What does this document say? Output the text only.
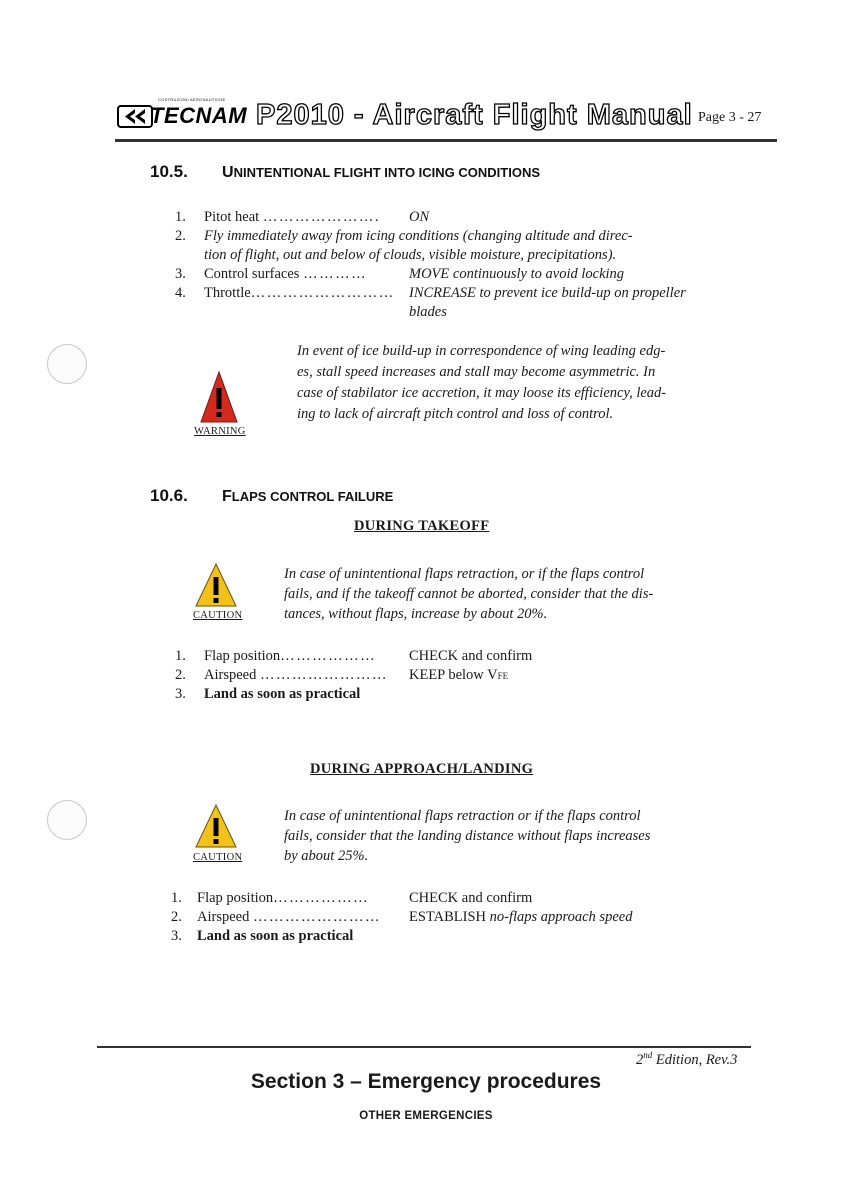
COSTRUZIONI AERONAUTICHE
TECNAM P2010 - Aircraft Flight Manual Page 3 - 27
10.5. UNINTENTIONAL FLIGHT INTO ICING CONDITIONS
1. Pitot heat …………………. ON
2. Fly immediately away from icing conditions (changing altitude and direc-
tion of flight, out and below of clouds, visible moisture, precipitations).
3. Control surfaces …………	MOVE continuously to avoid locking
4. Throttle……………………… INCREASE to prevent ice build-up on propeller
blades
WARNING
In event of ice build-up in correspondence of wing leading edg-
es, stall speed increases and stall may become asymmetric. In
case of stabilator ice accretion, it may loose its efficiency, lead-
ing to lack of aircraft pitch control and loss of control.
10.6. FLAPS CONTROL FAILURE
DURING TAKEOFF
CAUTION
In case of unintentional flaps retraction, or if the flaps control
fails, and if the takeoff cannot be aborted, consider that the dis-
tances, without flaps, increase by about 20%.
1. Flap position……………… CHECK and confirm
2. Airspeed …………………… KEEP below VFE
3. Land as soon as practical
DURING APPROACH/LANDING
CAUTION
In case of unintentional flaps retraction or if the flaps control
fails, consider that the landing distance without flaps increases
by about 25%.
1. Flap position………………	CHECK and confirm
2. Airspeed …………………… ESTABLISH no-flaps approach speed
3. Land as soon as practical
2nd Edition, Rev.3
Section 3 – Emergency procedures
OTHER EMERGENCIES
